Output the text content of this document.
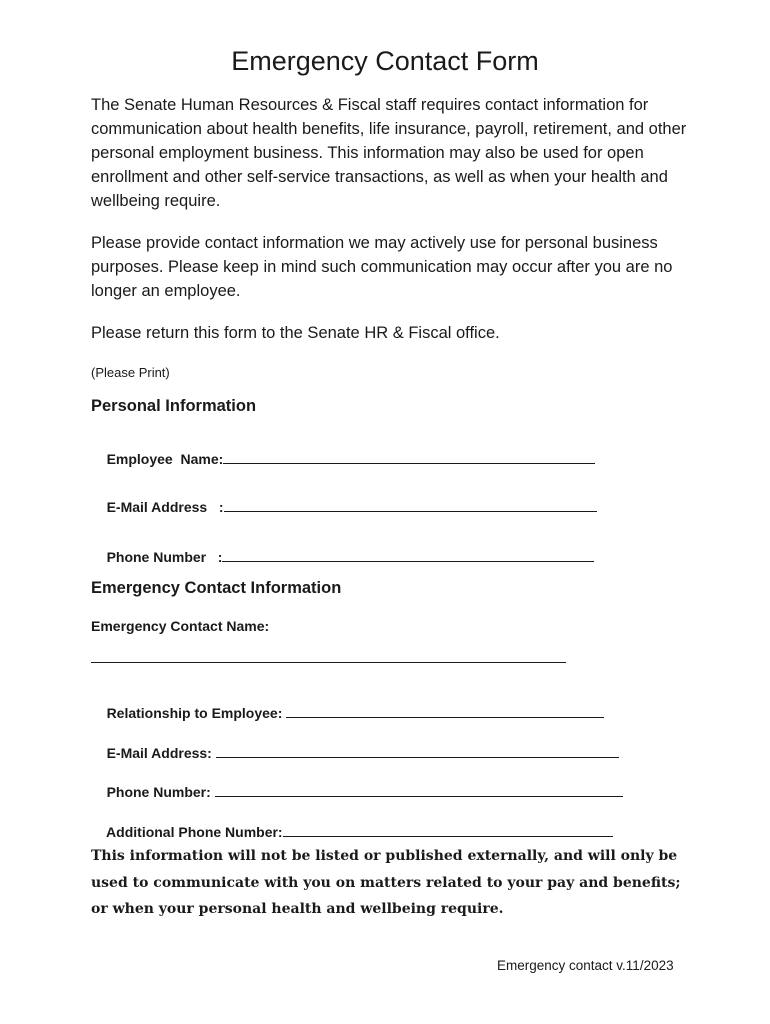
Emergency Contact Form
The Senate Human Resources & Fiscal staff requires contact information for communication about health benefits, life insurance, payroll, retirement, and other personal employment business. This information may also be used for open enrollment and other self-service transactions, as well as when your health and wellbeing require.
Please provide contact information we may actively use for personal business purposes. Please keep in mind such communication may occur after you are no longer an employee.
Please return this form to the Senate HR & Fiscal office.
(Please Print)
Personal Information

Employee  Name:

E-Mail Address   :

Phone Number   :

Emergency Contact Information
Emergency Contact Name:

Relationship to Employee:

E-Mail Address:

Phone Number:

Additional Phone Number:

This information will not be listed or published externally, and will only be used to communicate with you on matters related to your pay and benefits; or when your personal health and wellbeing require.
Emergency contact v.11/2023
